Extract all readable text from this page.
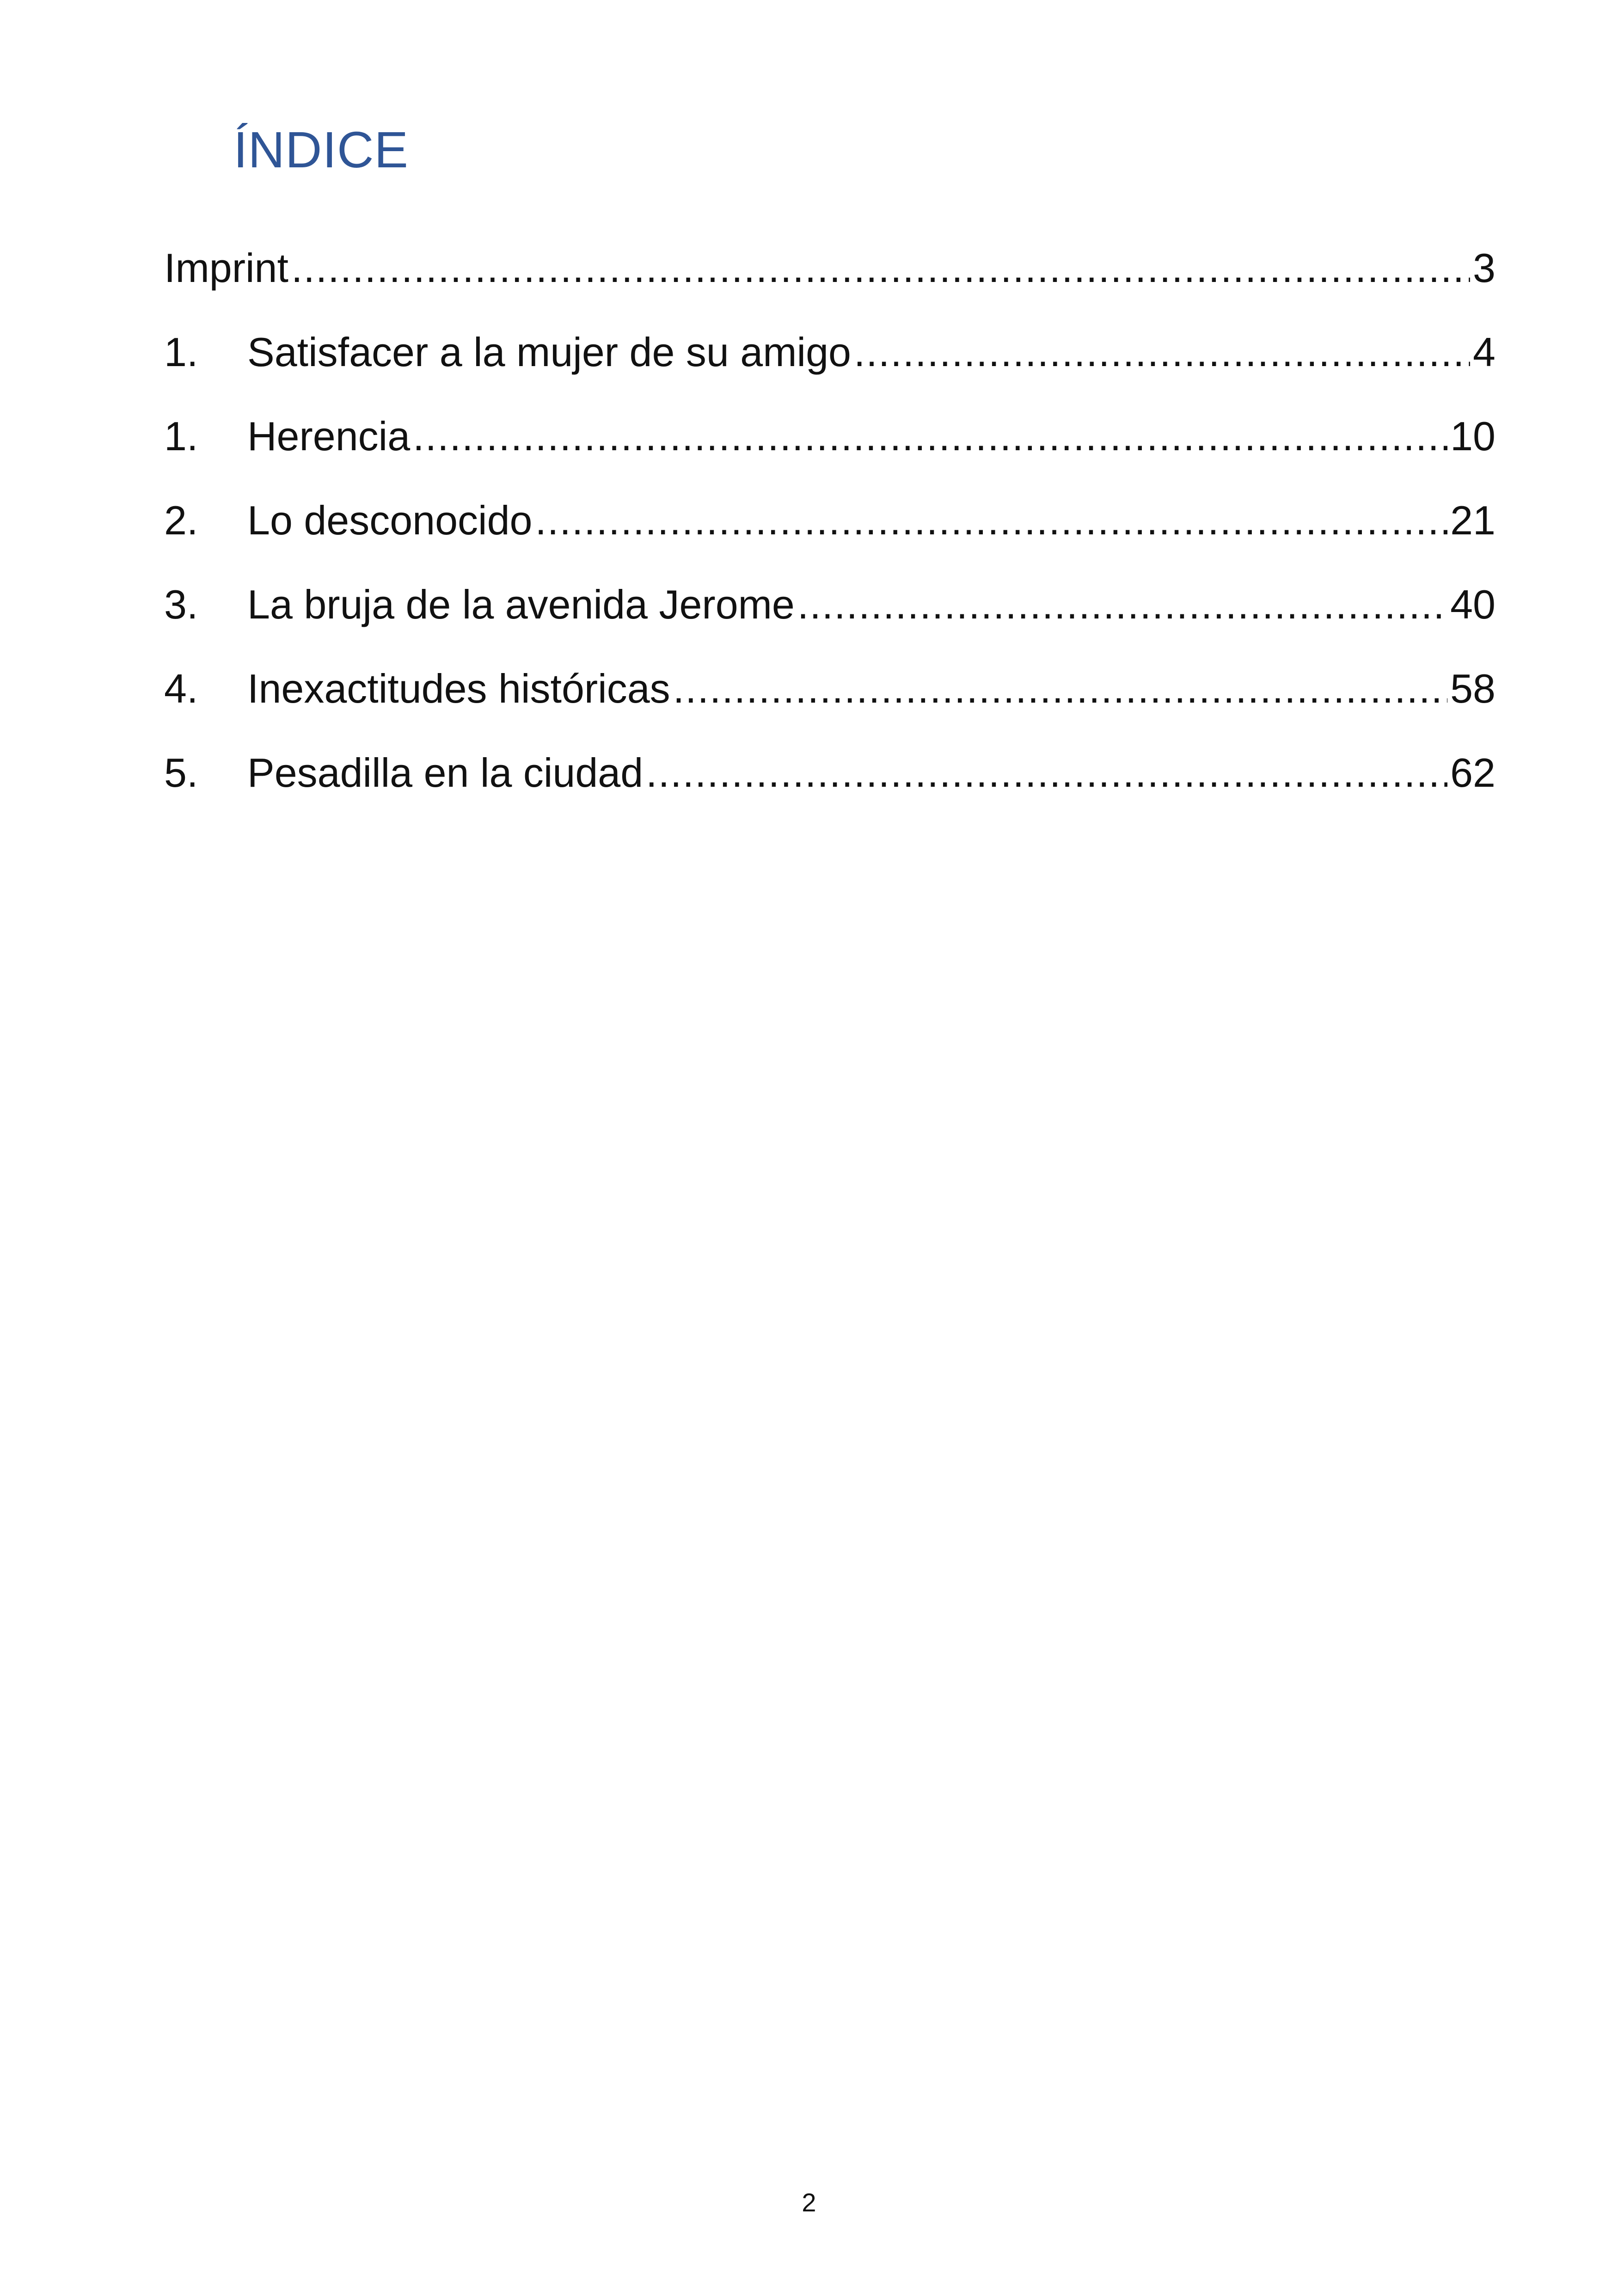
ÍNDICE
Imprint .....	3
1.	Satisfacer a la mujer de su amigo .....	4
1.	Herencia .....	10
2.	Lo desconocido .....	21
3.	La bruja de la avenida Jerome .....	40
4.	Inexactitudes históricas .....	58
5.	Pesadilla en la ciudad .....	62
2
